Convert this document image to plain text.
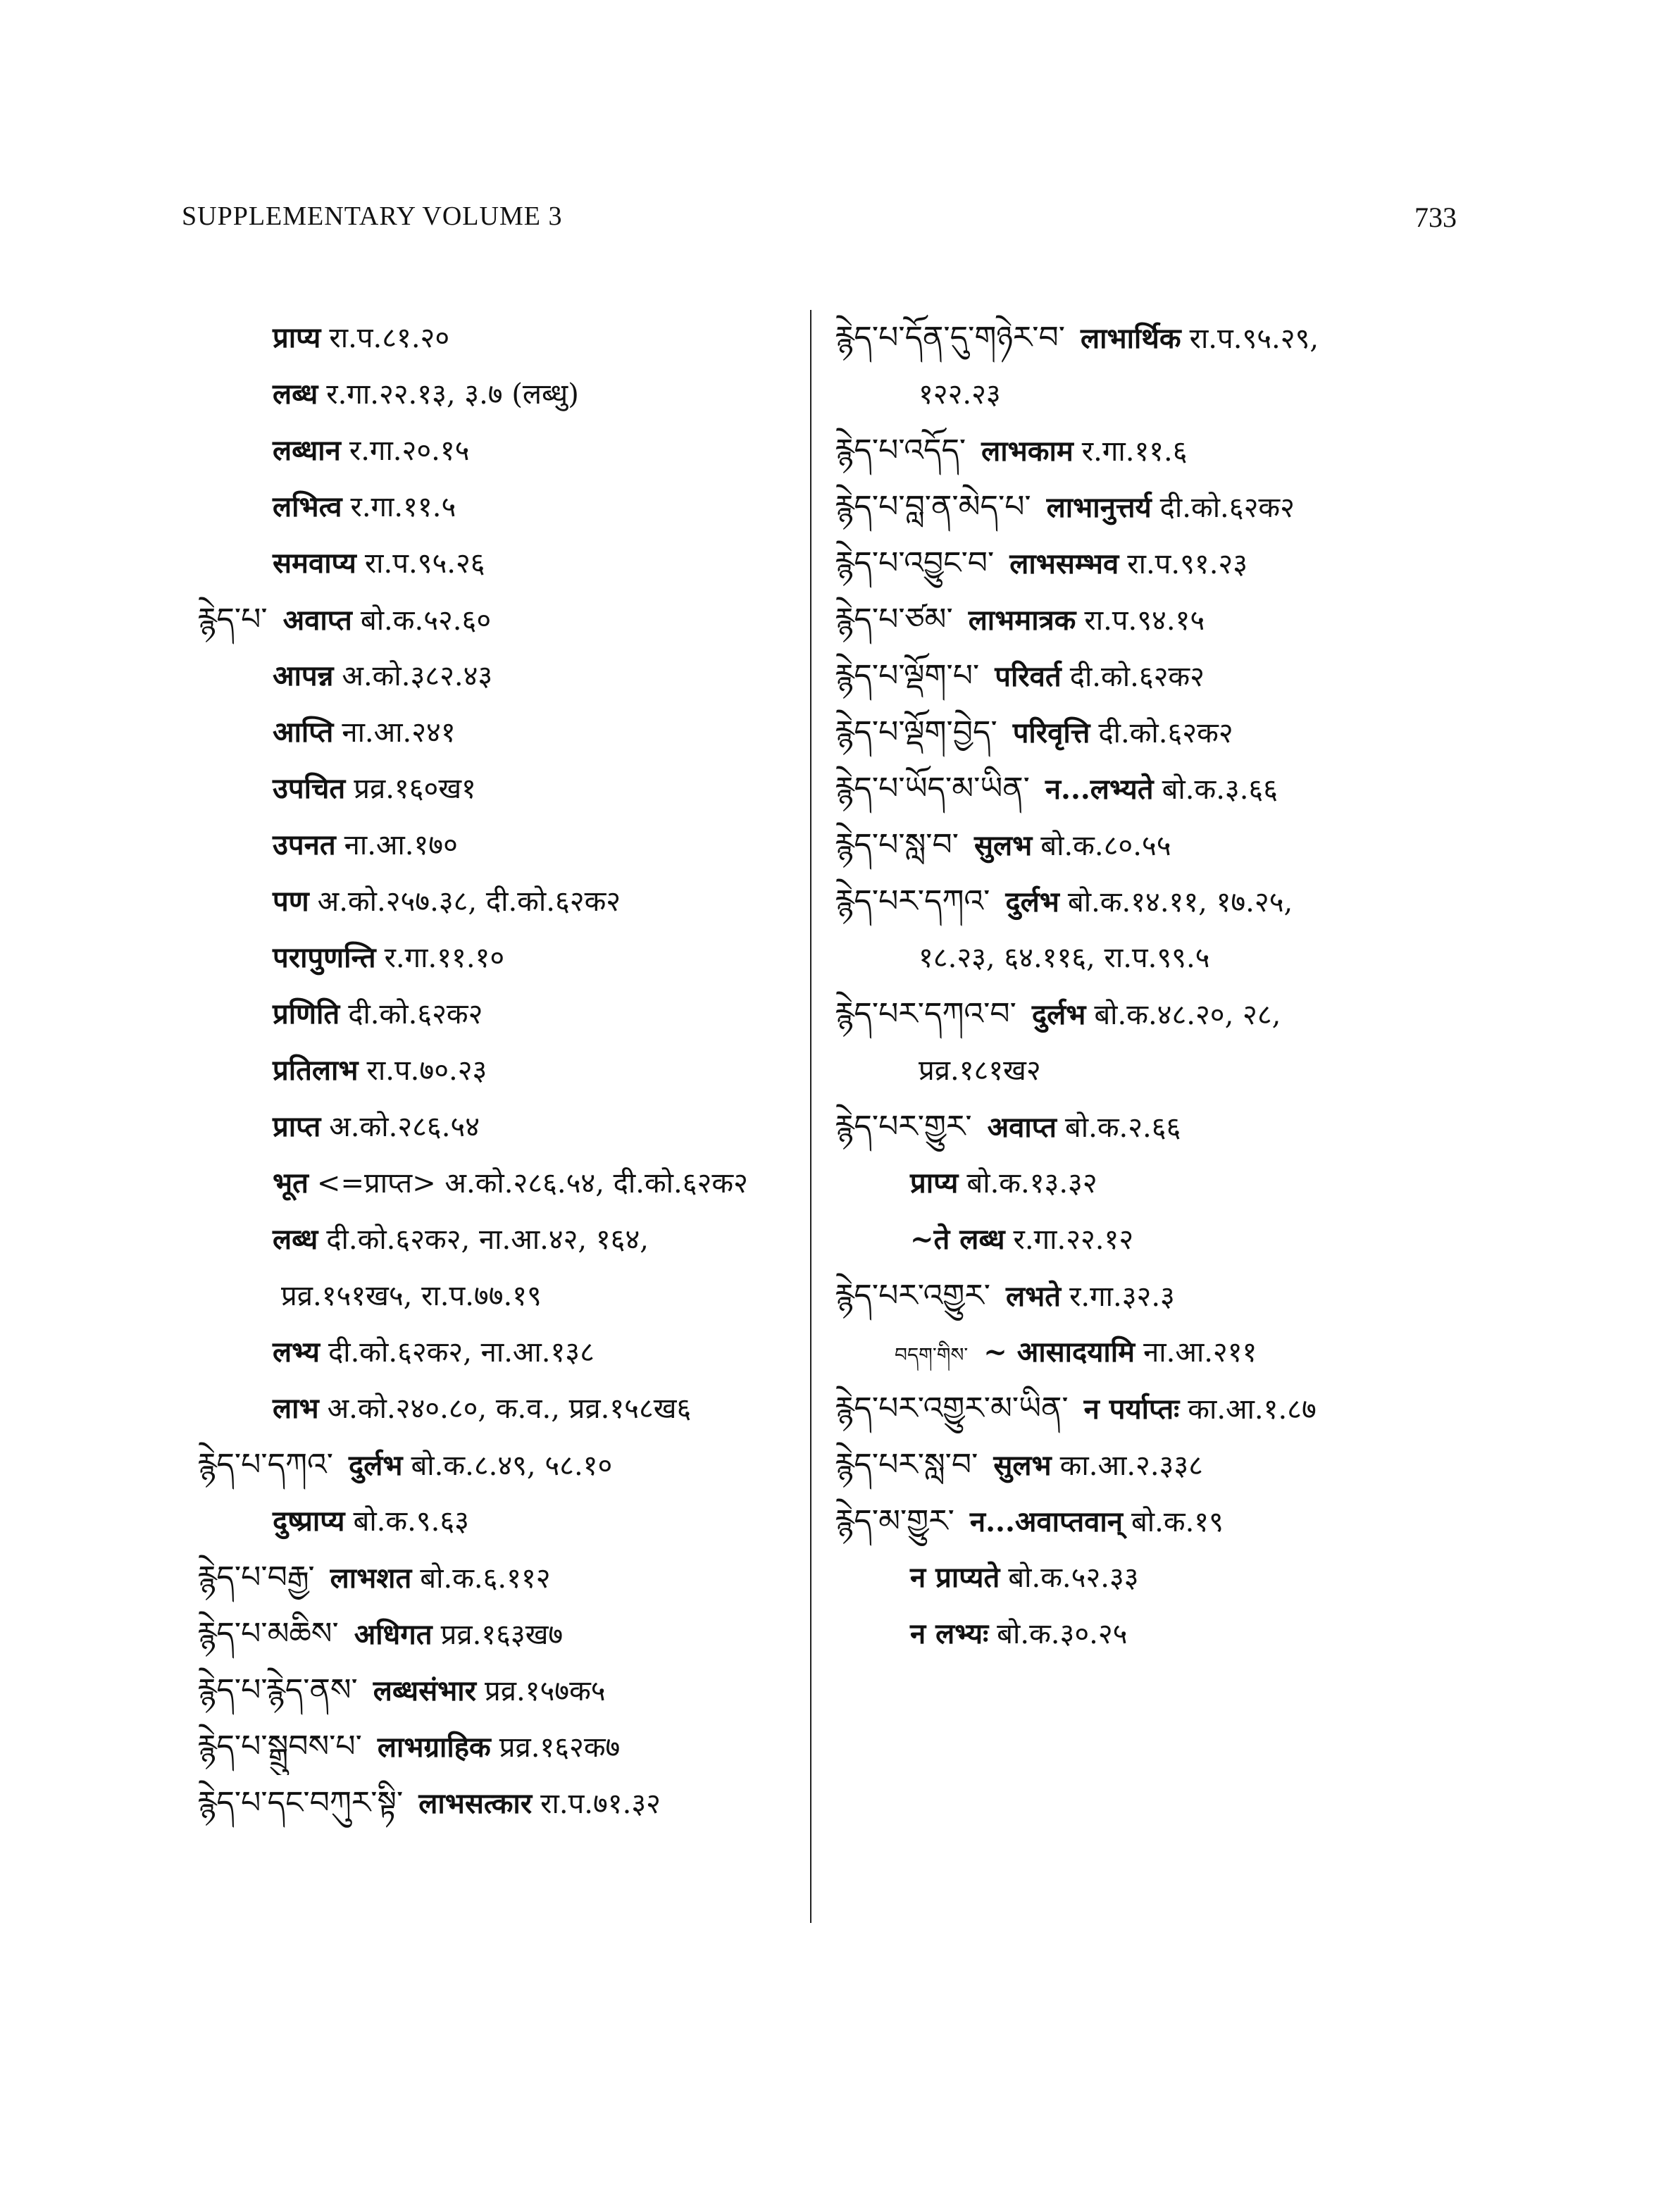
SUPPLEMENTARY VOLUME 3	733
प्राप्य रा.प.८१.२०
लब्ध र.गा.२२.१३, ३.७ (लब्धु)
लब्धान र.गा.२०.१५
लभित्व र.गा.११.५
समवाप्य रा.प.९५.२६
རྙེད་པ་ अवाप्त बो.क.५२.६०
आपन्न अ.को.३८२.४३
आप्ति ना.आ.२४१
उपचित प्रव्र.१६०ख१
उपनत ना.आ.१७०
पण अ.को.२५७.३८, दी.को.६२क२
परापुणन्ति र.गा.११.१०
प्रणिति दी.को.६२क२
प्रतिलाभ रा.प.७०.२३
प्राप्त अ.को.२८६.५४
भूत <=प्राप्त> अ.को.२८६.५४, दी.को.६२क२
लब्ध दी.को.६२क२, ना.आ.४२, १६४,
प्रव्र.१५१ख५, रा.प.७७.१९
लभ्य दी.को.६२क२, ना.आ.१३८
लाभ अ.को.२४०.८०, क.व., प्रव्र.१५८ख६
རྙེད་པ་དཀའ་ दुर्लभ बो.क.८.४९, ५८.१०
दुष्प्राप्य बो.क.९.६३
རྙེད་པ་བརྒྱ་ लाभशत बो.क.६.११२
རྙེད་པ་མཆིས་ अधिगत प्रव्र.१६३ख७
རྙེད་པ་རྙེད་ནས་ लब्धसंभार प्रव्र.१५७क५
རྙེད་པ་སྒྲུབས་པ་ लाभग्राहिक प्रव्र.१६२क७
རྙེད་པ་དང་བཀུར་སྟི་ लाभसत्कार रा.प.७१.३२
རྙེད་པ་དོན་དུ་གཉེར་བ་ लाभार्थिक रा.प.९५.२९,
१२२.२३
རྙེད་པ་འདོད་ लाभकाम र.गा.११.६
རྙེད་པ་བླ་ན་མེད་པ་ लाभानुत्तर्य दी.को.६२क२
རྙེད་པ་འབྱུང་བ་ लाभसम्भव रा.प.९१.२३
རྙེད་པ་ཙམ་ लाभमात्रक रा.प.९४.१५
རྙེད་པ་ལྡོག་པ་ परिवर्त दी.को.६२क२
རྙེད་པ་ལྡོག་བྱེད་ परिवृत्ति दी.को.६२क२
རྙེད་པ་ཡོད་མ་ཡིན་ न...लभ्यते बो.क.३.६६
རྙེད་པ་སླ་བ་ सुलभ बो.क.८०.५५
རྙེད་པར་དཀའ་ दुर्लभ बो.क.१४.११, १७.२५,
१८.२३, ६४.११६, रा.प.९९.५
རྙེད་པར་དཀའ་བ་ दुर्लभ बो.क.४८.२०, २८,
प्रव्र.१८१ख२
རྙེད་པར་གྱུར་ अवाप्त बो.क.२.६६
प्राप्य बो.क.१३.३२
~ते लब्ध र.गा.२२.१२
རྙེད་པར་འགྱུར་ लभते र.गा.३२.३
བདག་གིས་ ~ आसादयामि ना.आ.२११
རྙེད་པར་འགྱུར་མ་ཡིན་ न पर्याप्तः का.आ.१.८७
རྙེད་པར་སླ་བ་ सुलभ का.आ.२.३३८
རྙེད་མ་གྱུར་ न...अवाप्तवान् बो.क.१९
न प्राप्यते बो.क.५२.३३
न लभ्यः बो.क.३०.२५
